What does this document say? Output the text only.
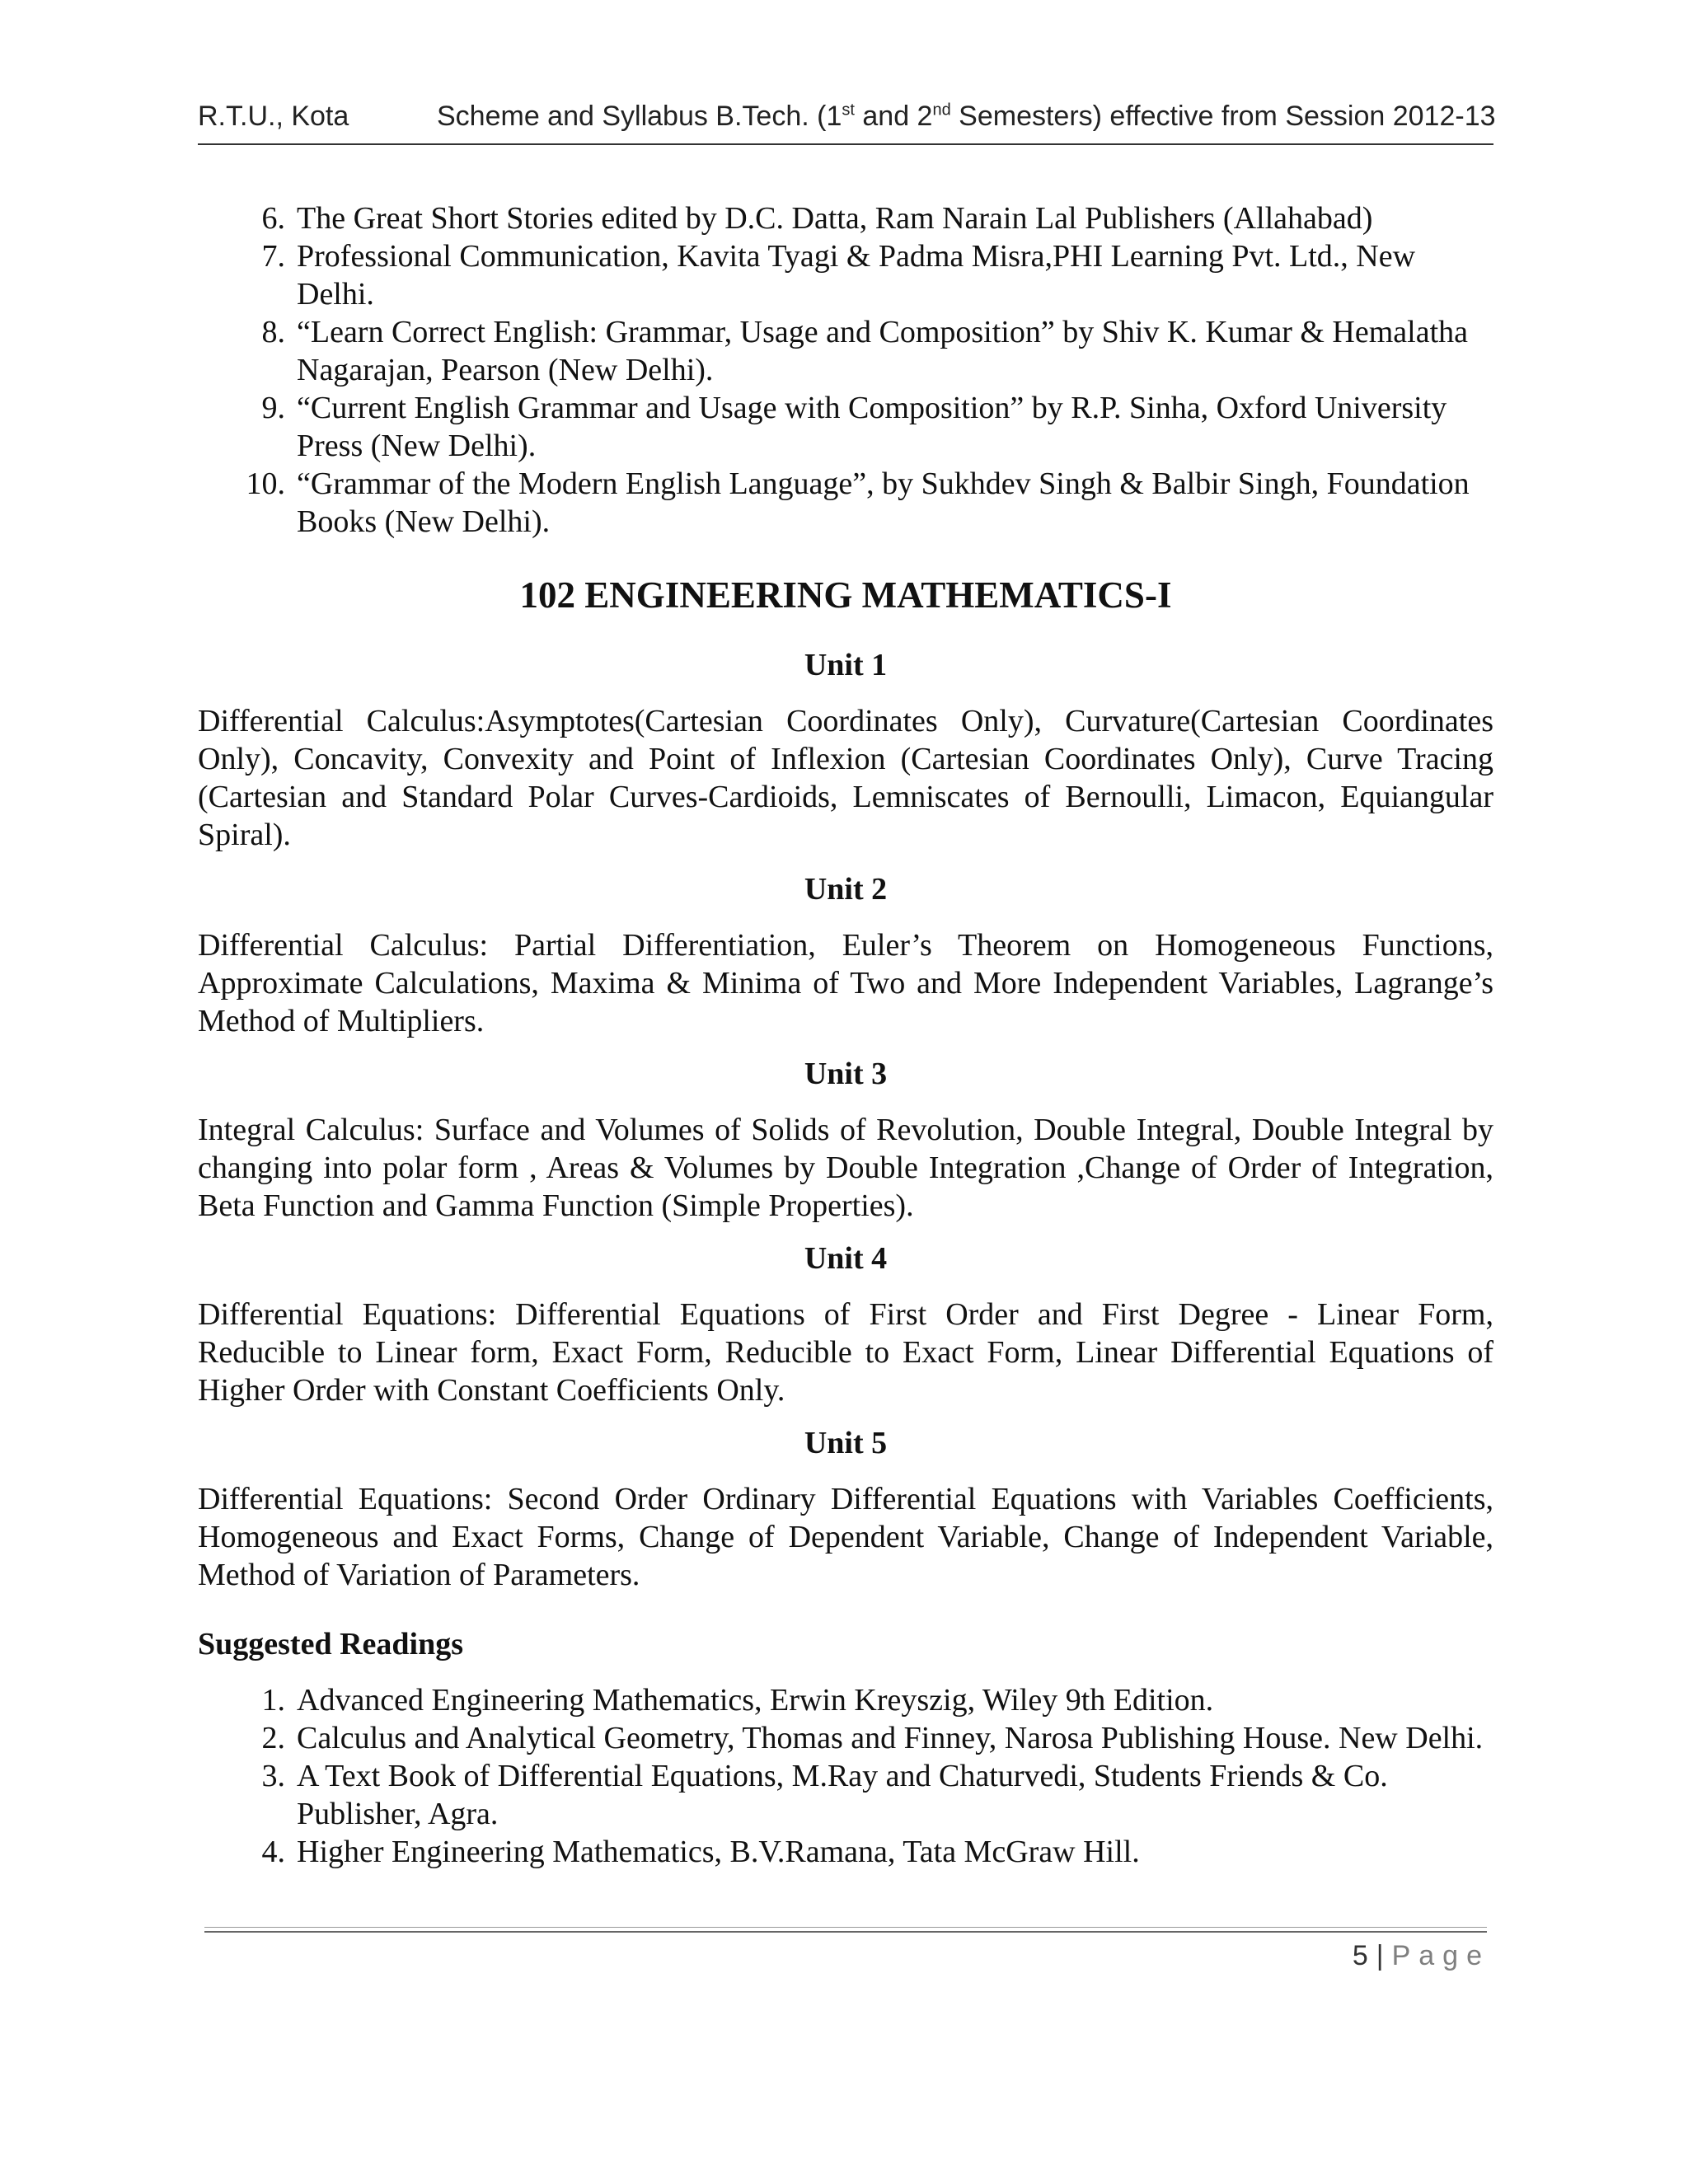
R.T.U., Kota	Scheme and Syllabus B.Tech. (1st and 2nd Semesters) effective from Session 2012-13
6. The Great Short Stories edited by D.C. Datta, Ram Narain Lal Publishers (Allahabad)
7. Professional Communication, Kavita Tyagi & Padma Misra,PHI Learning Pvt. Ltd., New Delhi.
8. “Learn Correct English: Grammar, Usage and Composition” by Shiv K. Kumar & Hemalatha Nagarajan, Pearson (New Delhi).
9. “Current English Grammar and Usage with Composition” by R.P. Sinha, Oxford University Press (New Delhi).
10. “Grammar of the Modern English Language”, by Sukhdev Singh & Balbir Singh, Foundation Books (New Delhi).
102 ENGINEERING MATHEMATICS-I
Unit 1

Differential Calculus:Asymptotes(Cartesian Coordinates Only), Curvature(Cartesian Coordinates Only), Concavity, Convexity and Point of Inflexion (Cartesian Coordinates Only), Curve Tracing (Cartesian and Standard Polar Curves-Cardioids, Lemniscates of Bernoulli, Limacon, Equiangular Spiral).

Unit 2

Differential Calculus: Partial Differentiation, Euler’s Theorem on Homogeneous Functions, Approximate Calculations, Maxima & Minima of Two and More Independent Variables, Lagrange’s Method of Multipliers.

Unit 3

Integral Calculus: Surface and Volumes of Solids of Revolution, Double Integral, Double Integral by changing into polar form , Areas & Volumes by Double Integration ,Change of Order of Integration, Beta Function and Gamma Function (Simple Properties).

Unit 4

Differential Equations: Differential Equations of First Order and First Degree - Linear Form, Reducible to Linear form, Exact Form, Reducible to Exact Form, Linear Differential Equations of Higher Order with Constant Coefficients Only.

Unit 5

Differential Equations: Second Order Ordinary Differential Equations with Variables Coefficients, Homogeneous and Exact Forms, Change of Dependent Variable, Change of Independent Variable, Method of Variation of Parameters.

Suggested Readings
1. Advanced Engineering Mathematics, Erwin Kreyszig, Wiley 9th Edition.
2. Calculus and Analytical Geometry, Thomas and Finney, Narosa Publishing House. New Delhi.
3. A Text Book of Differential Equations, M.Ray and Chaturvedi, Students Friends & Co. Publisher, Agra.
4. Higher Engineering Mathematics, B.V.Ramana, Tata McGraw Hill.
5 | Page
